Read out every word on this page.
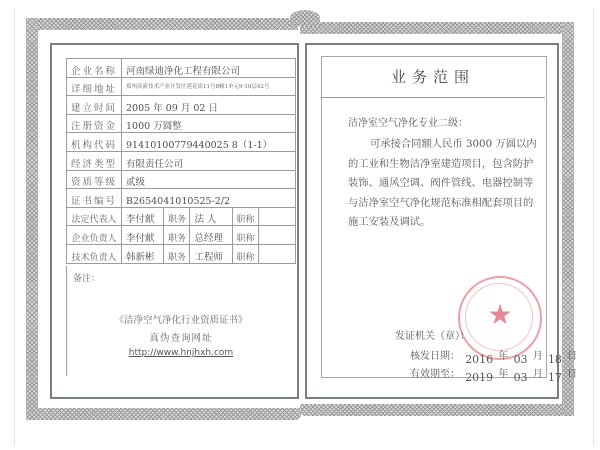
企业名称	河南绿迪净化工程有限公司				
详细地址	郑州高新技术产业开发区莲花街11号8幢1单元9-10层42号				
建立时间	2005 年 09 月 02 日				
注册资金	1000 万圆整				
机构代码	91410100779440025 8（1-1）				
经济类型	有限责任公司				
资质等级	贰级				
证书编号	B2654041010525-2/2				
法定代表人	李付献	职务	法 人	职称	
企业负责人	李付献	职务	总经理	职称	
技术负责人	韩新彬	职务	工程师	职称	
备注：
《洁净空气净化行业资质证书》
真伪查询网址
http://www.hnjhxh.com
业务范围
洁净室空气净化专业二级：
可承接合同额人民币 3000 万圆以内的工业和生物洁净室建造项目，包含防护装饰、通风空调、阀件管线、电器控制等与洁净室空气净化规范标准相配套项目的施工安装及调试。
★
发证机关（章）：
核发日期： 2016 年 03 月 18 日
有效期至： 2019 年 03 月 17 日
